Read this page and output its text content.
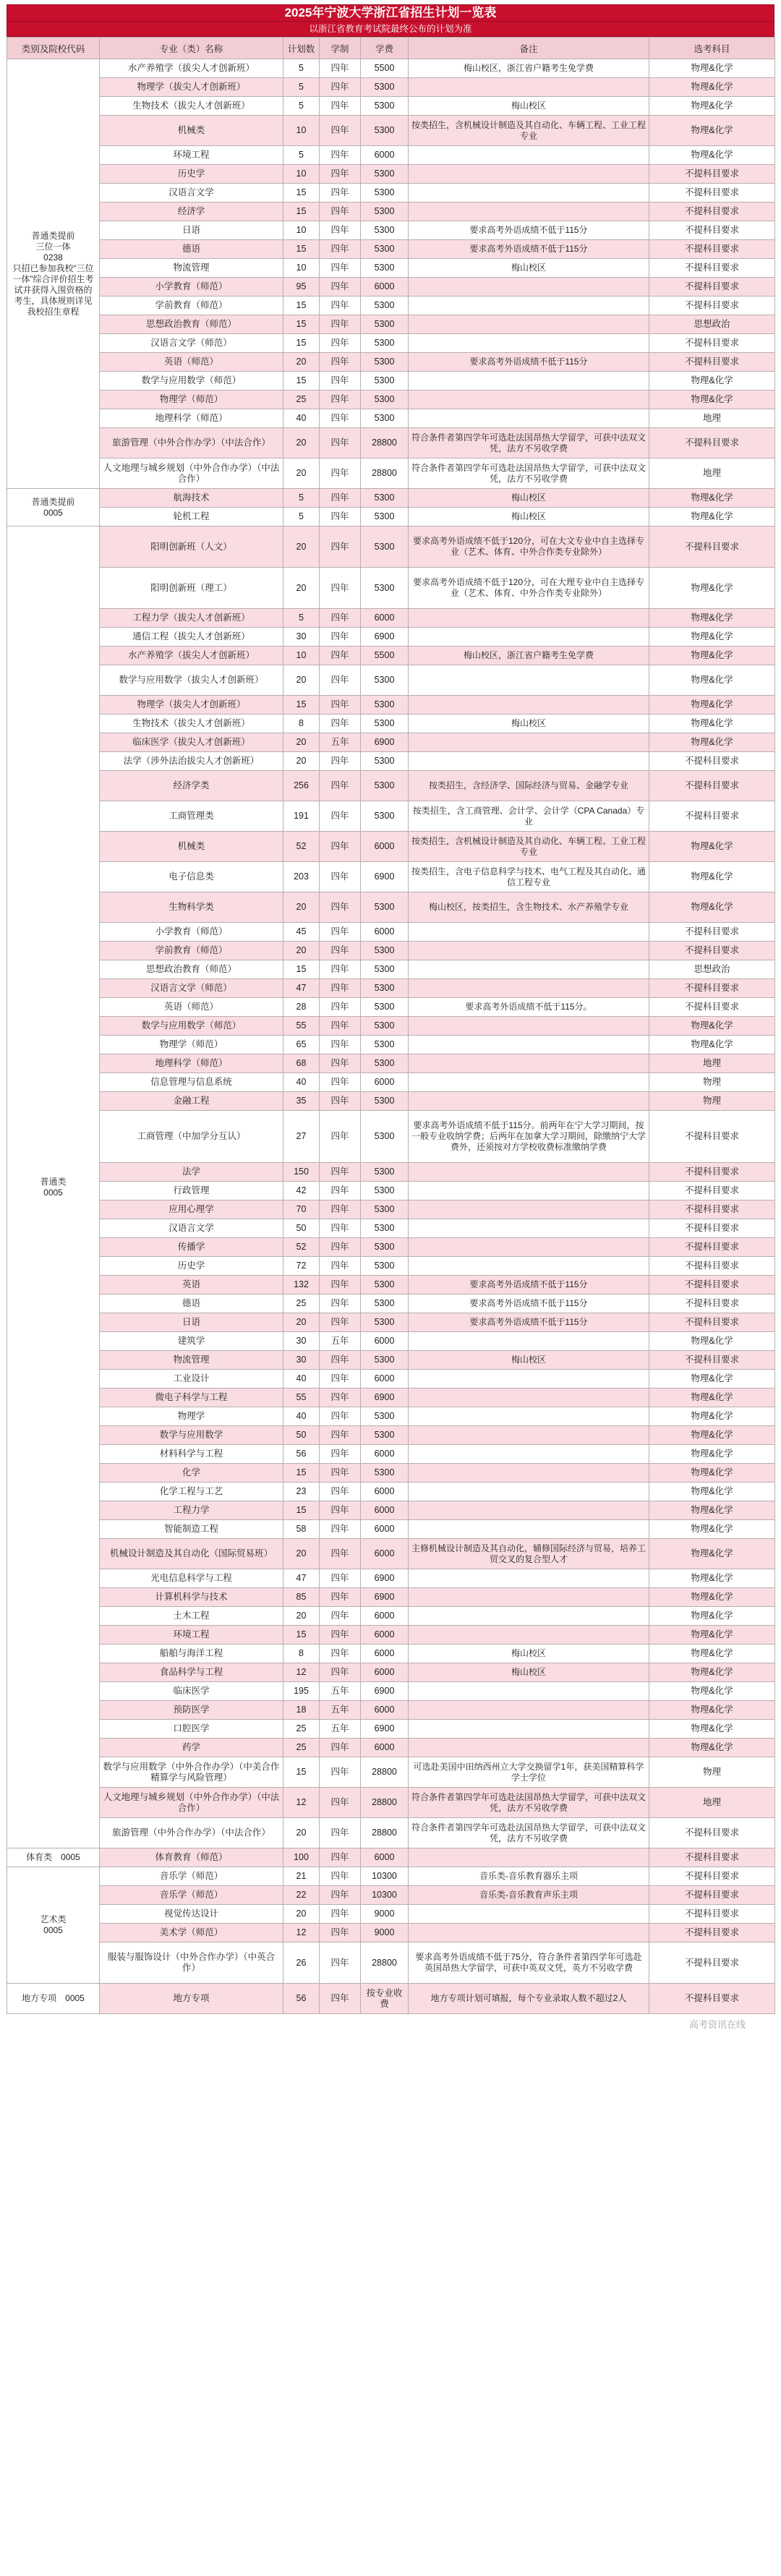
2025年宁波大学浙江省招生计划一览表
以浙江省教育考试院最终公布的计划为准
类别及院校代码	专业（类）名称	计划数	学制	学费	备注	选考科目

普通类提前
三位一体
0238
只招已参加我校“三位一体”综合评价招生考试并获得入围资格的考生，具体规则详见我校招生章程	水产养殖学（拔尖人才创新班）	5	四年	5500	梅山校区，浙江省户籍考生免学费	物理&化学
	物理学（拔尖人才创新班）	5	四年	5300		物理&化学
	生物技术（拔尖人才创新班）	5	四年	5300	梅山校区	物理&化学
	机械类	10	四年	5300	按类招生，含机械设计制造及其自动化、车辆工程、工业工程专业	物理&化学
	环境工程	5	四年	6000		物理&化学
	历史学	10	四年	5300		不提科目要求
	汉语言文学	15	四年	5300		不提科目要求
	经济学	15	四年	5300		不提科目要求
	日语	10	四年	5300	要求高考外语成绩不低于115分	不提科目要求
	德语	15	四年	5300	要求高考外语成绩不低于115分	不提科目要求
	物流管理	10	四年	5300	梅山校区	不提科目要求
	小学教育（师范）	95	四年	6000		不提科目要求
	学前教育（师范）	15	四年	5300		不提科目要求
	思想政治教育（师范）	15	四年	5300		思想政治
	汉语言文学（师范）	15	四年	5300		不提科目要求
	英语（师范）	20	四年	5300	要求高考外语成绩不低于115分	不提科目要求
	数学与应用数学（师范）	15	四年	5300		物理&化学
	物理学（师范）	25	四年	5300		物理&化学
	地理科学（师范）	40	四年	5300		地理
	旅游管理（中外合作办学）（中法合作）	20	四年	28800	符合条件者第四学年可选赴法国昂热大学留学，可获中法双文凭，法方不另收学费	不提科目要求
	人文地理与城乡规划（中外合作办学）（中法合作）	20	四年	28800	符合条件者第四学年可选赴法国昂热大学留学，可获中法双文凭，法方不另收学费	地理

普通类提前
0005	航海技术	5	四年	5300	梅山校区	物理&化学
	轮机工程	5	四年	5300	梅山校区	物理&化学

普通类
0005	阳明创新班（人文）	20	四年	5300	要求高考外语成绩不低于120分，可在大文专业中自主选择专业（艺术、体育、中外合作类专业除外）	不提科目要求
	阳明创新班（理工）	20	四年	5300	要求高考外语成绩不低于120分，可在大理专业中自主选择专业（艺术、体育、中外合作类专业除外）	物理&化学
	工程力学（拔尖人才创新班）	5	四年	6000		物理&化学
	通信工程（拔尖人才创新班）	30	四年	6900		物理&化学
	水产养殖学（拔尖人才创新班）	10	四年	5500	梅山校区，浙江省户籍考生免学费	物理&化学
	数学与应用数学（拔尖人才创新班）	20	四年	5300		物理&化学
	物理学（拔尖人才创新班）	15	四年	5300		物理&化学
	生物技术（拔尖人才创新班）	8	四年	5300	梅山校区	物理&化学
	临床医学（拔尖人才创新班）	20	五年	6900		物理&化学
	法学（涉外法治拔尖人才创新班）	20	四年	5300		不提科目要求
	经济学类	256	四年	5300	按类招生，含经济学、国际经济与贸易、金融学专业	不提科目要求
	工商管理类	191	四年	5300	按类招生，含工商管理、会计学、会计学（CPA Canada）专业	不提科目要求
	机械类	52	四年	6000	按类招生，含机械设计制造及其自动化、车辆工程、工业工程专业	物理&化学
	电子信息类	203	四年	6900	按类招生，含电子信息科学与技术、电气工程及其自动化、通信工程专业	物理&化学
	生物科学类	20	四年	5300	梅山校区，按类招生，含生物技术、水产养殖学专业	物理&化学
	小学教育（师范）	45	四年	6000		不提科目要求
	学前教育（师范）	20	四年	5300		不提科目要求
	思想政治教育（师范）	15	四年	5300		思想政治
	汉语言文学（师范）	47	四年	5300		不提科目要求
	英语（师范）	28	四年	5300	要求高考外语成绩不低于115分。	不提科目要求
	数学与应用数学（师范）	55	四年	5300		物理&化学
	物理学（师范）	65	四年	5300		物理&化学
	地理科学（师范）	68	四年	5300		地理
	信息管理与信息系统	40	四年	6000		物理
	金融工程	35	四年	5300		物理
	工商管理（中加学分互认）	27	四年	5300	要求高考外语成绩不低于115分。前两年在宁大学习期间，按一般专业收纳学费；后两年在加拿大学习期间，除缴纳宁大学费外，还须按对方学校收费标准缴纳学费	不提科目要求
	法学	150	四年	5300		不提科目要求
	行政管理	42	四年	5300		不提科目要求
	应用心理学	70	四年	5300		不提科目要求
	汉语言文学	50	四年	5300		不提科目要求
	传播学	52	四年	5300		不提科目要求
	历史学	72	四年	5300		不提科目要求
	英语	132	四年	5300	要求高考外语成绩不低于115分	不提科目要求
	德语	25	四年	5300	要求高考外语成绩不低于115分	不提科目要求
	日语	20	四年	5300	要求高考外语成绩不低于115分	不提科目要求
	建筑学	30	五年	6000		物理&化学
	物流管理	30	四年	5300	梅山校区	不提科目要求
	工业设计	40	四年	6000		物理&化学
	微电子科学与工程	55	四年	6900		物理&化学
	物理学	40	四年	5300		物理&化学
	数学与应用数学	50	四年	5300		物理&化学
	材料科学与工程	56	四年	6000		物理&化学
	化学	15	四年	5300		物理&化学
	化学工程与工艺	23	四年	6000		物理&化学
	工程力学	15	四年	6000		物理&化学
	智能制造工程	58	四年	6000		物理&化学
	机械设计制造及其自动化（国际贸易班）	20	四年	6000	主修机械设计制造及其自动化，辅修国际经济与贸易，培养工贸交叉的复合型人才	物理&化学
	光电信息科学与工程	47	四年	6900		物理&化学
	计算机科学与技术	85	四年	6900		物理&化学
	土木工程	20	四年	6000		物理&化学
	环境工程	15	四年	6000		物理&化学
	船舶与海洋工程	8	四年	6000	梅山校区	物理&化学
	食品科学与工程	12	四年	6000	梅山校区	物理&化学
	临床医学	195	五年	6900		物理&化学
	预防医学	18	五年	6000		物理&化学
	口腔医学	25	五年	6900		物理&化学
	药学	25	四年	6000		物理&化学
	数学与应用数学（中外合作办学）（中美合作精算学与风险管理）	15	四年	28800	可选赴美国中田纳西州立大学交换留学1年，获美国精算科学学士学位	物理
	人文地理与城乡规划（中外合作办学）（中法合作）	12	四年	28800	符合条件者第四学年可选赴法国昂热大学留学，可获中法双文凭，法方不另收学费	地理
	旅游管理（中外合作办学）（中法合作）	20	四年	28800	符合条件者第四学年可选赴法国昂热大学留学，可获中法双文凭，法方不另收学费	不提科目要求

体育类　0005	体育教育（师范）	100	四年	6000		不提科目要求

艺术类
0005	音乐学（师范）	21	四年	10300	音乐类-音乐教育器乐主项	不提科目要求
	音乐学（师范）	22	四年	10300	音乐类-音乐教育声乐主项	不提科目要求
	视觉传达设计	20	四年	9000		不提科目要求
	美术学（师范）	12	四年	9000		不提科目要求
	服装与服饰设计（中外合作办学）（中英合作）	26	四年	28800	要求高考外语成绩不低于75分，符合条件者第四学年可选赴英国昂热大学留学，可获中英双文凭，英方不另收学费	不提科目要求

地方专项　0005	地方专项	56	四年	按专业收费	地方专项计划可填报，每个专业录取人数不超过2人	不提科目要求
高考资讯在线
